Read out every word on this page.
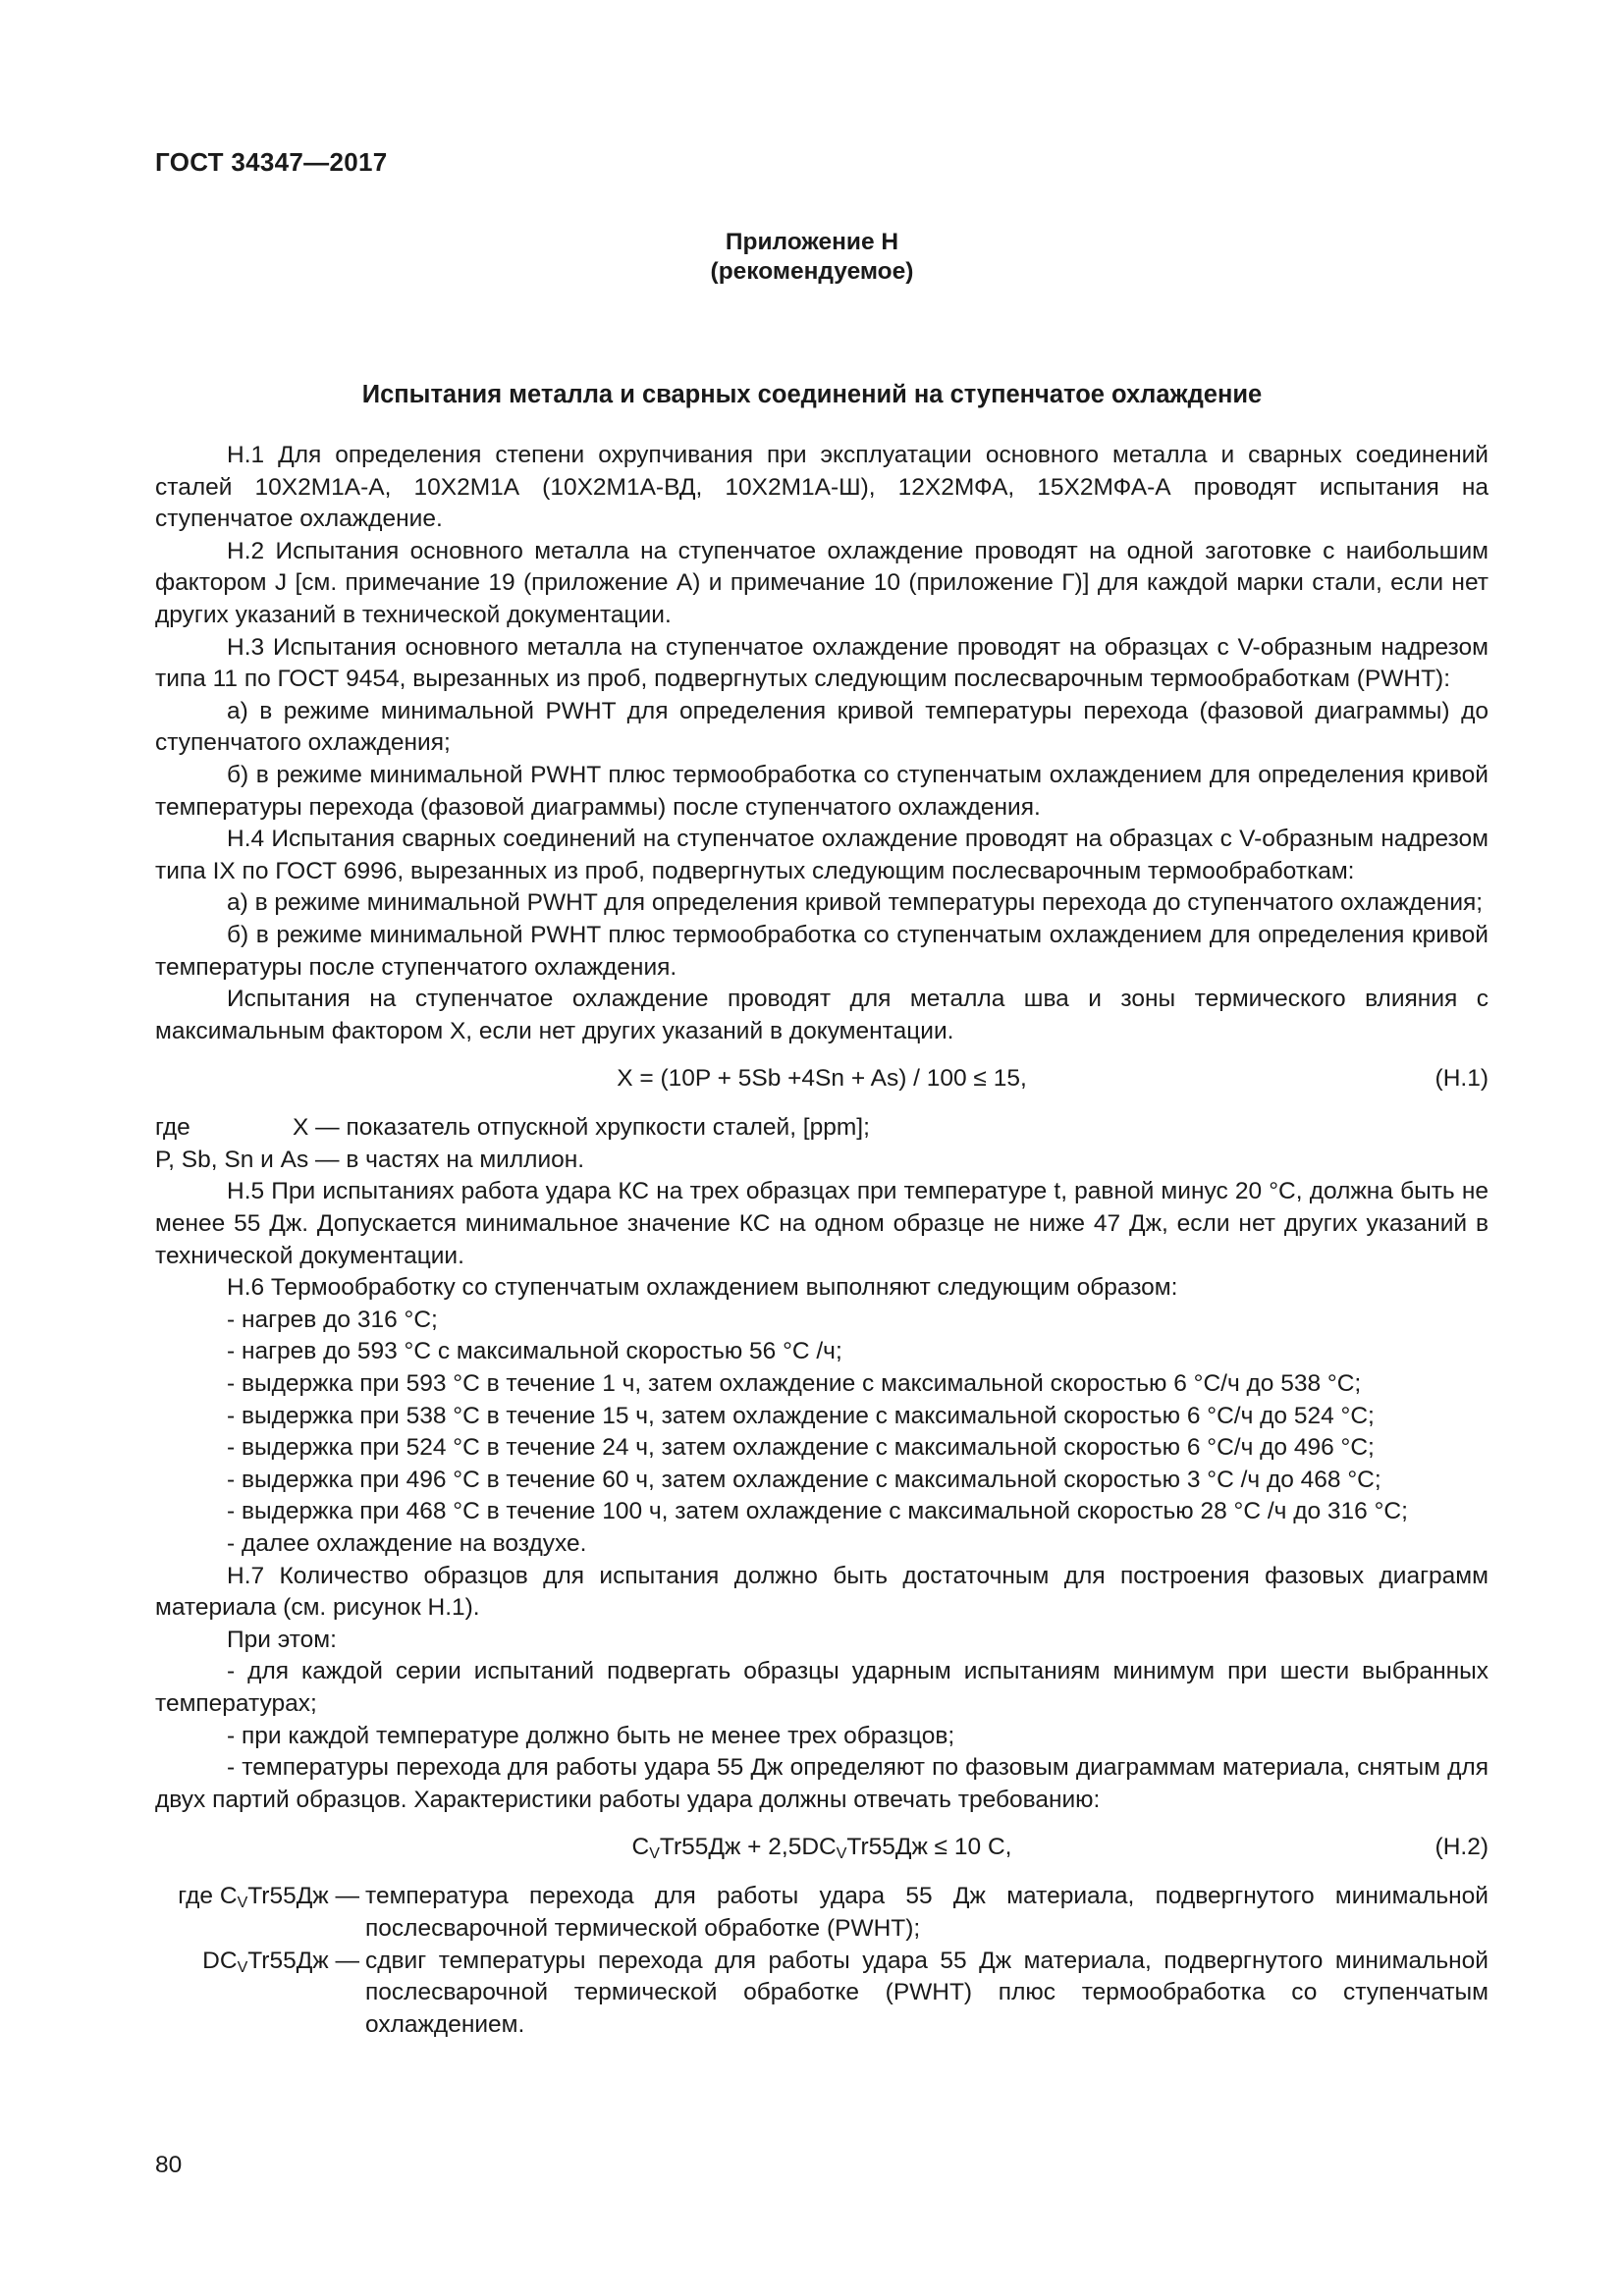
ГОСТ 34347—2017
Приложение Н
(рекомендуемое)
Испытания металла и сварных соединений на ступенчатое охлаждение

Н.1 Для определения степени охрупчивания при эксплуатации основного металла и сварных соединений сталей 10Х2М1А-А, 10Х2М1А (10Х2М1А-ВД, 10Х2М1А-Ш), 12Х2МФА, 15Х2МФА-А проводят испытания на ступенчатое охлаждение.

Н.2 Испытания основного металла на ступенчатое охлаждение проводят на одной заготовке с наибольшим фактором J [см. примечание 19 (приложение А) и примечание 10 (приложение Г)] для каждой марки стали, если нет других указаний в технической документации.

Н.3 Испытания основного металла на ступенчатое охлаждение проводят на образцах с V-образным надрезом типа 11 по ГОСТ 9454, вырезанных из проб, подвергнутых следующим послесварочным термообработкам (PWHT):

а) в режиме минимальной PWHT для определения кривой температуры перехода (фазовой диаграммы) до ступенчатого охлаждения;

б) в режиме минимальной PWHT плюс термообработка со ступенчатым охлаждением для определения кривой температуры перехода (фазовой диаграммы) после ступенчатого охлаждения.

Н.4 Испытания сварных соединений на ступенчатое охлаждение проводят на образцах с V-образным надрезом типа IX по ГОСТ 6996, вырезанных из проб, подвергнутых следующим послесварочным термообработкам:

а) в режиме минимальной PWHT для определения кривой температуры перехода до ступенчатого охлаждения;

б) в режиме минимальной PWHT плюс термообработка со ступенчатым охлаждением для определения кривой температуры после ступенчатого охлаждения.

Испытания на ступенчатое охлаждение проводят для металла шва и зоны термического влияния с максимальным фактором X, если нет других указаний в документации.

X = (10P + 5Sb +4Sn + As) / 100 ≤ 15,	(Н.1)
где	X — показатель отпускной хрупкости сталей, [ppm];

P, Sb, Sn и As — в частях на миллион.

Н.5 При испытаниях работа удара КС на трех образцах при температуре t, равной минус 20 °С, должна быть не менее 55 Дж. Допускается минимальное значение КС на одном образце не ниже 47 Дж, если нет других указаний в технической документации.

Н.6 Термообработку со ступенчатым охлаждением выполняют следующим образом:

- нагрев до 316 °С;

- нагрев до 593 °С с максимальной скоростью 56 °С /ч;

- выдержка при 593 °С в течение 1 ч, затем охлаждение с максимальной скоростью 6 °С/ч до 538 °С;

- выдержка при 538 °С в течение 15 ч, затем охлаждение с максимальной скоростью 6 °С/ч до 524 °С;

- выдержка при 524 °С в течение 24 ч, затем охлаждение с максимальной скоростью 6 °С/ч до 496 °С;

- выдержка при 496 °С в течение 60 ч, затем охлаждение с максимальной скоростью 3 °С /ч до 468 °С;

- выдержка при 468 °С в течение 100 ч, затем охлаждение с максимальной скоростью 28 °С /ч до 316 °С;

- далее охлаждение на воздухе.

Н.7 Количество образцов для испытания должно быть достаточным для построения фазовых диаграмм материала (см. рисунок Н.1).

При этом:

- для каждой серии испытаний подвергать образцы ударным испытаниям минимум при шести выбранных температурах;

- при каждой температуре должно быть не менее трех образцов;

- температуры перехода для работы удара 55 Дж определяют по фазовым диаграммам материала, снятым для двух партий образцов. Характеристики работы удара должны отвечать требованию:

$C_VTr55Дж + 2,5DC_VTr55Дж \le 10$ С,	(Н.2)
где $C_VTr55Дж$ — температура перехода для работы удара 55 Дж материала, подвергнутого минимальной послесварочной термической обработке (PWHT);
$DC_VTr55Дж$ — сдвиг температуры перехода для работы удара 55 Дж материала, подвергнутого минимальной послесварочной термической обработке (PWHT) плюс термообработка со ступенчатым охлаждением.
80
